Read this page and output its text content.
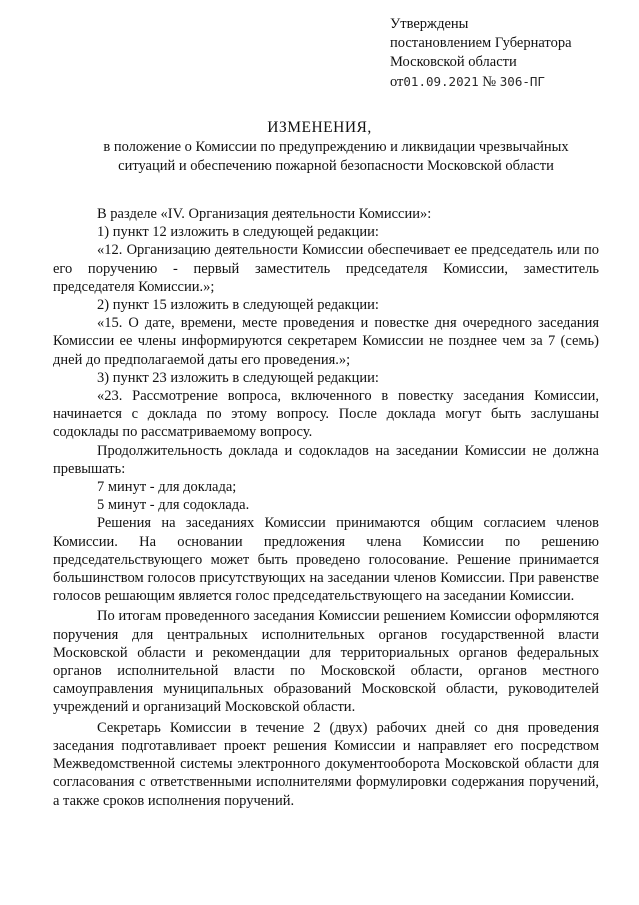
Утверждены
постановлением Губернатора
Московской области
от01.09.2021 № 306-ПГ
ИЗМЕНЕНИЯ,
в положение о Комиссии по предупреждению и ликвидации чрезвычайных ситуаций и обеспечению пожарной безопасности Московской области

В разделе «IV. Организация деятельности Комиссии»:

1) пункт 12 изложить в следующей редакции:

«12. Организацию деятельности Комиссии обеспечивает ее председатель или по его поручению - первый заместитель председателя Комиссии, заместитель председателя Комиссии.»;

2) пункт 15 изложить в следующей редакции:

«15. О дате, времени, месте проведения и повестке дня очередного заседания Комиссии ее члены информируются секретарем Комиссии не позднее чем за 7 (семь) дней до предполагаемой даты его проведения.»;

3) пункт 23 изложить в следующей редакции:

«23. Рассмотрение вопроса, включенного в повестку заседания Комиссии, начинается с доклада по этому вопросу. После доклада могут быть заслушаны содоклады по рассматриваемому вопросу.

Продолжительность доклада и содокладов на заседании Комиссии не должна превышать:

7 минут - для доклада;

5 минут - для содоклада.

Решения на заседаниях Комиссии принимаются общим согласием членов Комиссии. На основании предложения члена Комиссии по решению председательствующего может быть проведено голосование. Решение принимается большинством голосов присутствующих на заседании членов Комиссии. При равенстве голосов решающим является голос председательствующего на заседании Комиссии.

По итогам проведенного заседания Комиссии решением Комиссии оформляются поручения для центральных исполнительных органов государственной власти Московской области и рекомендации для территориальных органов федеральных органов исполнительной власти по Московской области, органов местного самоуправления муниципальных образований Московской области, руководителей учреждений и организаций Московской области.

Секретарь Комиссии в течение 2 (двух) рабочих дней со дня проведения заседания подготавливает проект решения Комиссии и направляет его посредством Межведомственной системы электронного документооборота Московской области для согласования с ответственными исполнителями формулировки содержания поручений, а также сроков исполнения поручений.
